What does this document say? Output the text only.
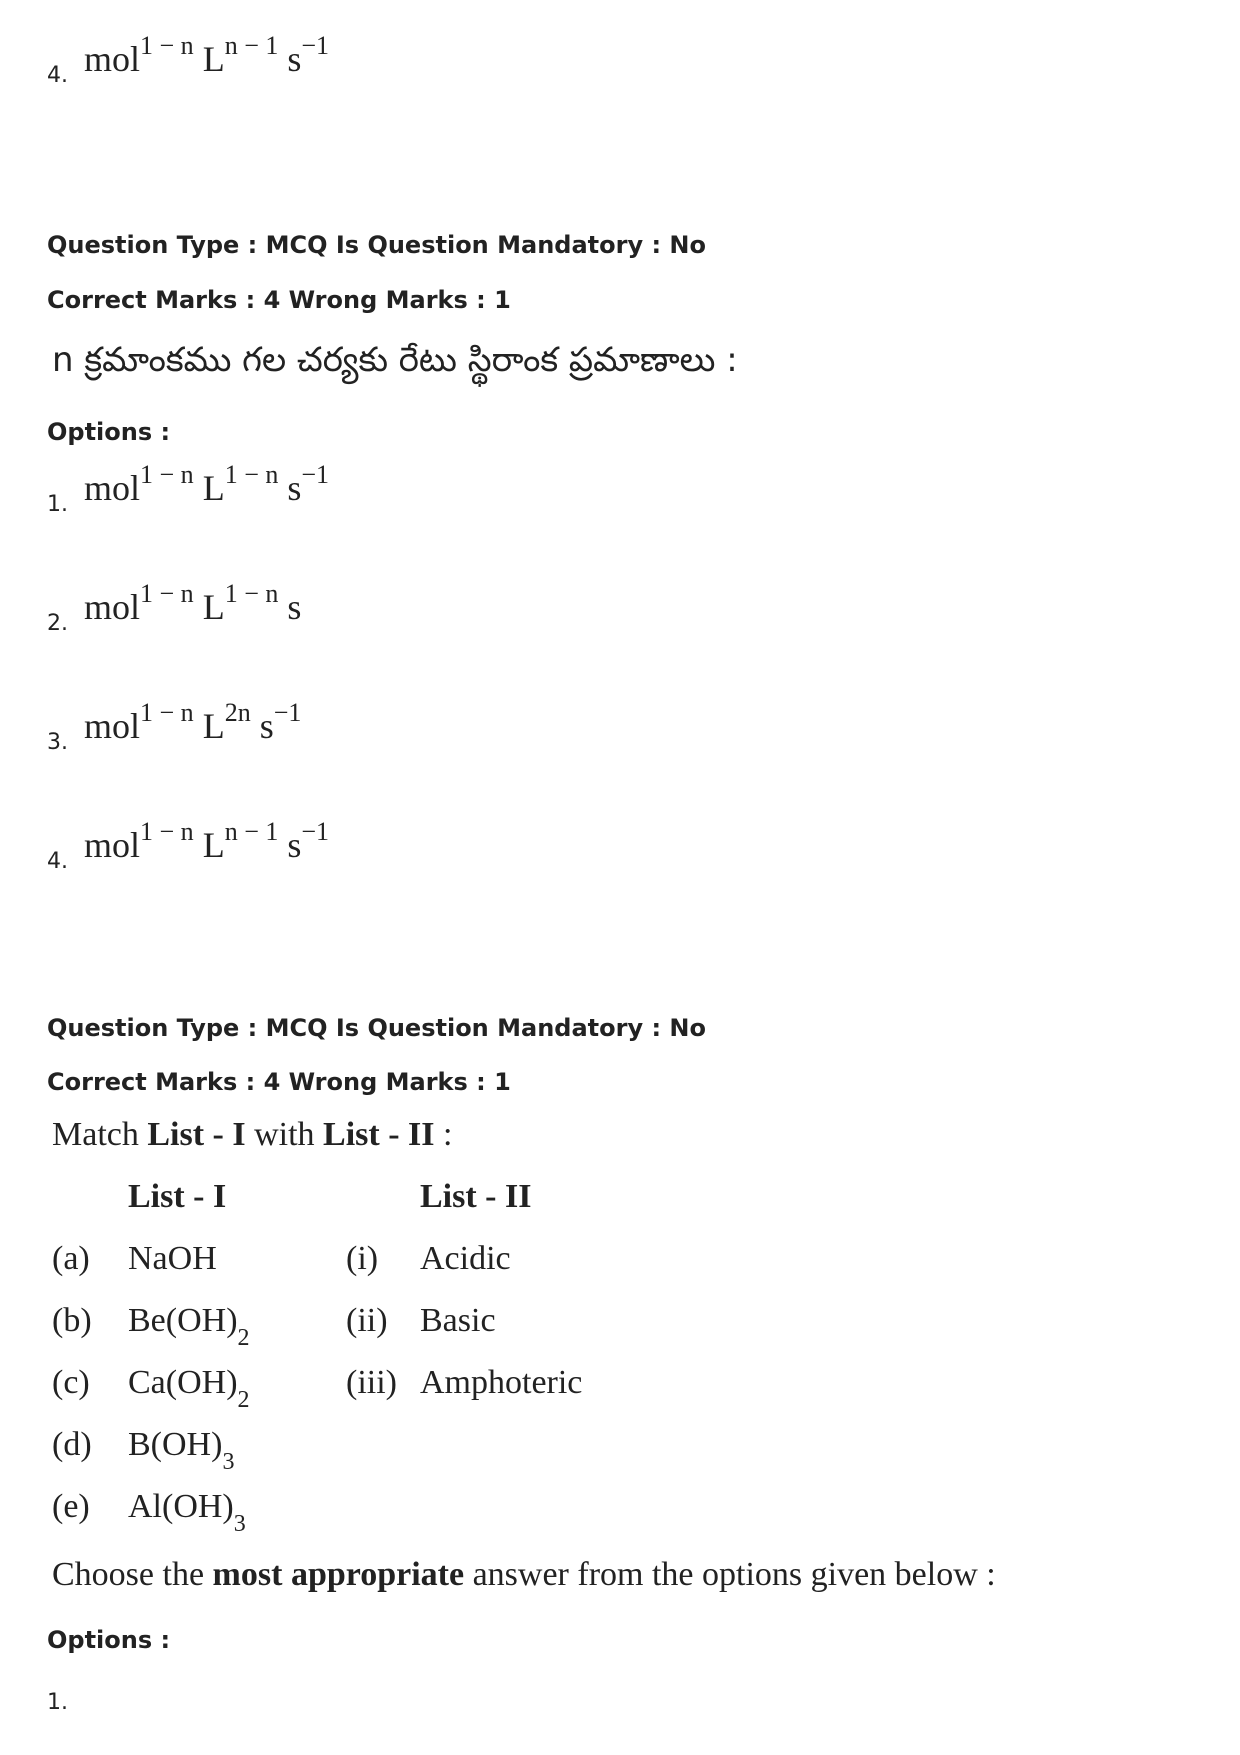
4. mol$^{1 - n}$ $L^{n - 1}$ $s^{-1}$
Question Type : MCQ Is Question Mandatory : No
Correct Marks : 4 Wrong Marks : 1
n క్రమాంకము గల చర్యకు రేటు స్థిరాంక ప్రమాణాలు :
Options :
1. mol$^{1 - n}$ $L^{1 - n}$ $s^{-1}$
2. mol$^{1 - n}$ $L^{1 - n}$ s
3. mol$^{1 - n}$ $L^{2n}$ $s^{-1}$
4. mol$^{1 - n}$ $L^{n - 1}$ $s^{-1}$
Question Type : MCQ Is Question Mandatory : No
Correct Marks : 4 Wrong Marks : 1
Match List - I with List - II :
List - I	List - II
(a) NaOH
(b) $Be(OH)_2$
(c) $Ca(OH)_2$
(d) $B(OH)_3$
(e) $Al(OH)_3$
(i) Acidic
(ii) Basic
(iii) Amphoteric
Choose the most appropriate answer from the options given below :
Options :
1.
